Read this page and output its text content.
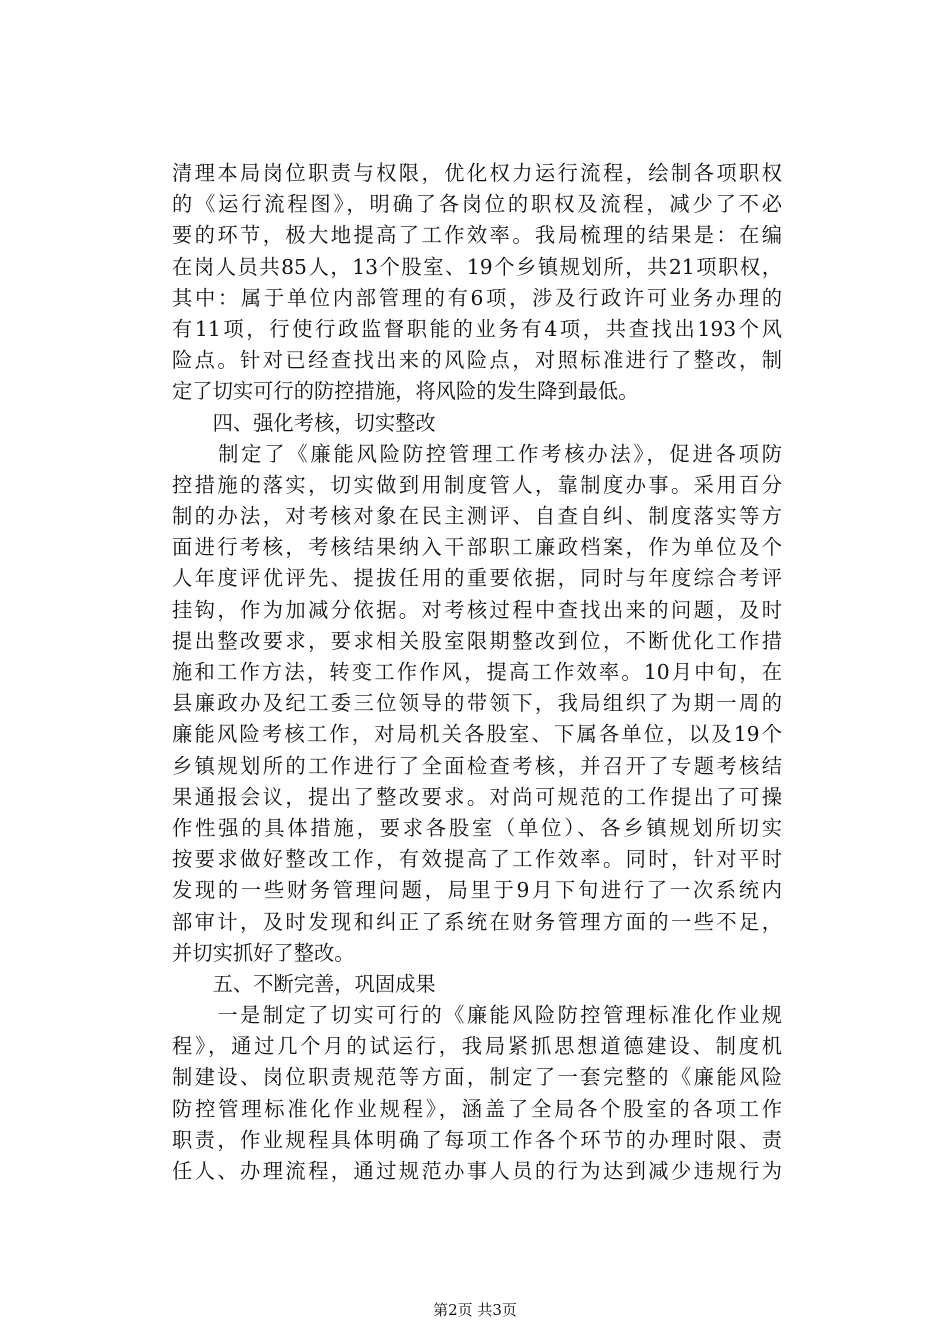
清理本局岗位职责与权限，优化权力运行流程，绘制各项职权
的《运行流程图》，明确了各岗位的职权及流程，减少了不必
要的环节，极大地提高了工作效率。我局梳理的结果是：在编
在岗人员共85人，13个股室、19个乡镇规划所，共21项职权，
其中：属于单位内部管理的有6项，涉及行政许可业务办理的
有11项，行使行政监督职能的业务有4项，共查找出193个风
险点。针对已经查找出来的风险点，对照标准进行了整改，制
定了切实可行的防控措施，将风险的发生降到最低。
　　四、强化考核，切实整改
　　制定了《廉能风险防控管理工作考核办法》，促进各项防
控措施的落实，切实做到用制度管人，靠制度办事。采用百分
制的办法，对考核对象在民主测评、自查自纠、制度落实等方
面进行考核，考核结果纳入干部职工廉政档案，作为单位及个
人年度评优评先、提拔任用的重要依据，同时与年度综合考评
挂钩，作为加减分依据。对考核过程中查找出来的问题，及时
提出整改要求，要求相关股室限期整改到位，不断优化工作措
施和工作方法，转变工作作风，提高工作效率。10月中旬，在
县廉政办及纪工委三位领导的带领下，我局组织了为期一周的
廉能风险考核工作，对局机关各股室、下属各单位，以及19个
乡镇规划所的工作进行了全面检查考核，并召开了专题考核结
果通报会议，提出了整改要求。对尚可规范的工作提出了可操
作性强的具体措施，要求各股室（单位）、各乡镇规划所切实
按要求做好整改工作，有效提高了工作效率。同时，针对平时
发现的一些财务管理问题，局里于9月下旬进行了一次系统内
部审计，及时发现和纠正了系统在财务管理方面的一些不足，
并切实抓好了整改。
　　五、不断完善，巩固成果
　　一是制定了切实可行的《廉能风险防控管理标准化作业规
程》，通过几个月的试运行，我局紧抓思想道德建设、制度机
制建设、岗位职责规范等方面，制定了一套完整的《廉能风险
防控管理标准化作业规程》，涵盖了全局各个股室的各项工作
职责，作业规程具体明确了每项工作各个环节的办理时限、责
任人、办理流程，通过规范办事人员的行为达到减少违规行为
第2页 共3页
